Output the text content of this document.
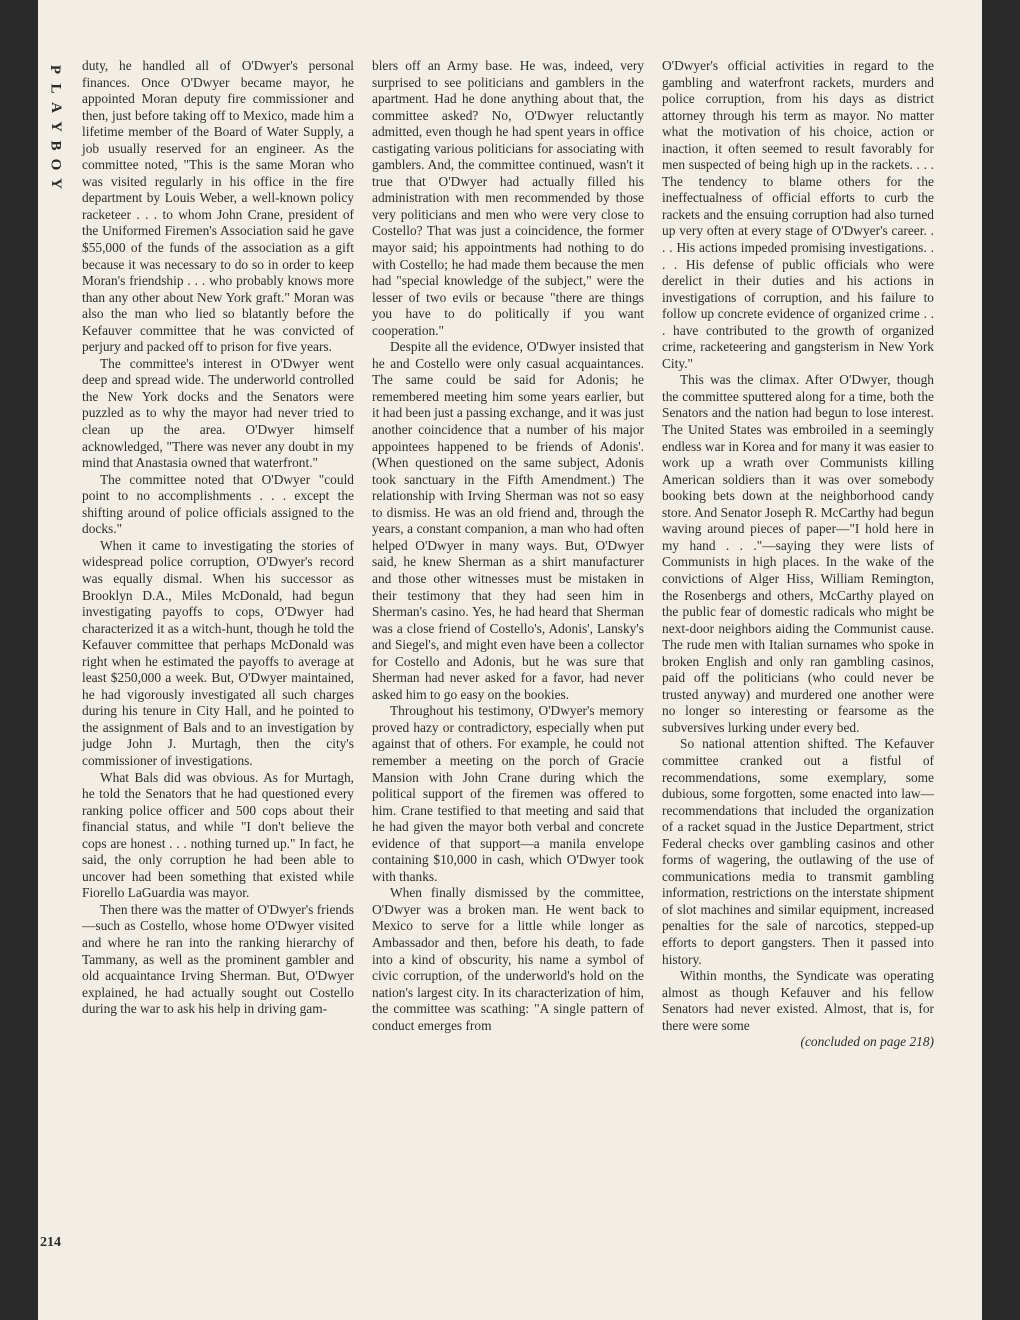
P
L
A
Y
B
O
Y
214

duty, he handled all of O'Dwyer's personal finances. Once O'Dwyer became mayor, he appointed Moran deputy fire commissioner and then, just before taking off to Mexico, made him a lifetime member of the Board of Water Supply, a job usually reserved for an engineer. As the committee noted, "This is the same Moran who was visited regularly in his office in the fire department by Louis Weber, a well-known policy racketeer . . . to whom John Crane, president of the Uniformed Firemen's Association said he gave $55,000 of the funds of the association as a gift because it was necessary to do so in order to keep Moran's friendship . . . who probably knows more than any other about New York graft." Moran was also the man who lied so blatantly before the Kefauver committee that he was convicted of perjury and packed off to prison for five years.

The committee's interest in O'Dwyer went deep and spread wide. The underworld controlled the New York docks and the Senators were puzzled as to why the mayor had never tried to clean up the area. O'Dwyer himself acknowledged, "There was never any doubt in my mind that Anastasia owned that waterfront."

The committee noted that O'Dwyer "could point to no accomplishments . . . except the shifting around of police officials assigned to the docks."

When it came to investigating the stories of widespread police corruption, O'Dwyer's record was equally dismal. When his successor as Brooklyn D.A., Miles McDonald, had begun investigating payoffs to cops, O'Dwyer had characterized it as a witch-hunt, though he told the Kefauver committee that perhaps McDonald was right when he estimated the payoffs to average at least $250,000 a week. But, O'Dwyer maintained, he had vigorously investigated all such charges during his tenure in City Hall, and he pointed to the assignment of Bals and to an investigation by judge John J. Murtagh, then the city's commissioner of investigations.

What Bals did was obvious. As for Murtagh, he told the Senators that he had questioned every ranking police officer and 500 cops about their financial status, and while "I don't believe the cops are honest . . . nothing turned up." In fact, he said, the only corruption he had been able to uncover had been something that existed while Fiorello LaGuardia was mayor.

Then there was the matter of O'Dwyer's friends—such as Costello, whose home O'Dwyer visited and where he ran into the ranking hierarchy of Tammany, as well as the prominent gambler and old acquaintance Irving Sherman. But, O'Dwyer explained, he had actually sought out Costello during the war to ask his help in driving gam-

blers off an Army base. He was, indeed, very surprised to see politicians and gamblers in the apartment. Had he done anything about that, the committee asked? No, O'Dwyer reluctantly admitted, even though he had spent years in office castigating various politicians for associating with gamblers. And, the committee continued, wasn't it true that O'Dwyer had actually filled his administration with men recommended by those very politicians and men who were very close to Costello? That was just a coincidence, the former mayor said; his appointments had nothing to do with Costello; he had made them because the men had "special knowledge of the subject," were the lesser of two evils or because "there are things you have to do politically if you want cooperation."

Despite all the evidence, O'Dwyer insisted that he and Costello were only casual acquaintances. The same could be said for Adonis; he remembered meeting him some years earlier, but it had been just a passing exchange, and it was just another coincidence that a number of his major appointees happened to be friends of Adonis'. (When questioned on the same subject, Adonis took sanctuary in the Fifth Amendment.) The relationship with Irving Sherman was not so easy to dismiss. He was an old friend and, through the years, a constant companion, a man who had often helped O'Dwyer in many ways. But, O'Dwyer said, he knew Sherman as a shirt manufacturer and those other witnesses must be mistaken in their testimony that they had seen him in Sherman's casino. Yes, he had heard that Sherman was a close friend of Costello's, Adonis', Lansky's and Siegel's, and might even have been a collector for Costello and Adonis, but he was sure that Sherman had never asked for a favor, had never asked him to go easy on the bookies.

Throughout his testimony, O'Dwyer's memory proved hazy or contradictory, especially when put against that of others. For example, he could not remember a meeting on the porch of Gracie Mansion with John Crane during which the political support of the firemen was offered to him. Crane testified to that meeting and said that he had given the mayor both verbal and concrete evidence of that support—a manila envelope containing $10,000 in cash, which O'Dwyer took with thanks.

When finally dismissed by the committee, O'Dwyer was a broken man. He went back to Mexico to serve for a little while longer as Ambassador and then, before his death, to fade into a kind of obscurity, his name a symbol of civic corruption, of the underworld's hold on the nation's largest city. In its characterization of him, the committee was scathing: "A single pattern of conduct emerges from

O'Dwyer's official activities in regard to the gambling and waterfront rackets, murders and police corruption, from his days as district attorney through his term as mayor. No matter what the motivation of his choice, action or inaction, it often seemed to result favorably for men suspected of being high up in the rackets. . . . The tendency to blame others for the ineffectualness of official efforts to curb the rackets and the ensuing corruption had also turned up very often at every stage of O'Dwyer's career. . . . His actions impeded promising investigations. . . . His defense of public officials who were derelict in their duties and his actions in investigations of corruption, and his failure to follow up concrete evidence of organized crime . . . have contributed to the growth of organized crime, racketeering and gangsterism in New York City."

This was the climax. After O'Dwyer, though the committee sputtered along for a time, both the Senators and the nation had begun to lose interest. The United States was embroiled in a seemingly endless war in Korea and for many it was easier to work up a wrath over Communists killing American soldiers than it was over somebody booking bets down at the neighborhood candy store. And Senator Joseph R. McCarthy had begun waving around pieces of paper—"I hold here in my hand . . ."—saying they were lists of Communists in high places. In the wake of the convictions of Alger Hiss, William Remington, the Rosenbergs and others, McCarthy played on the public fear of domestic radicals who might be next-door neighbors aiding the Communist cause. The rude men with Italian surnames who spoke in broken English and only ran gambling casinos, paid off the politicians (who could never be trusted anyway) and murdered one another were no longer so interesting or fearsome as the subversives lurking under every bed.

So national attention shifted. The Kefauver committee cranked out a fistful of recommendations, some exemplary, some dubious, some forgotten, some enacted into law—recommendations that included the organization of a racket squad in the Justice Department, strict Federal checks over gambling casinos and other forms of wagering, the outlawing of the use of communications media to transmit gambling information, restrictions on the interstate shipment of slot machines and similar equipment, increased penalties for the sale of narcotics, stepped-up efforts to deport gangsters. Then it passed into history.

Within months, the Syndicate was operating almost as though Kefauver and his fellow Senators had never existed. Almost, that is, for there were some

(concluded on page 218)
